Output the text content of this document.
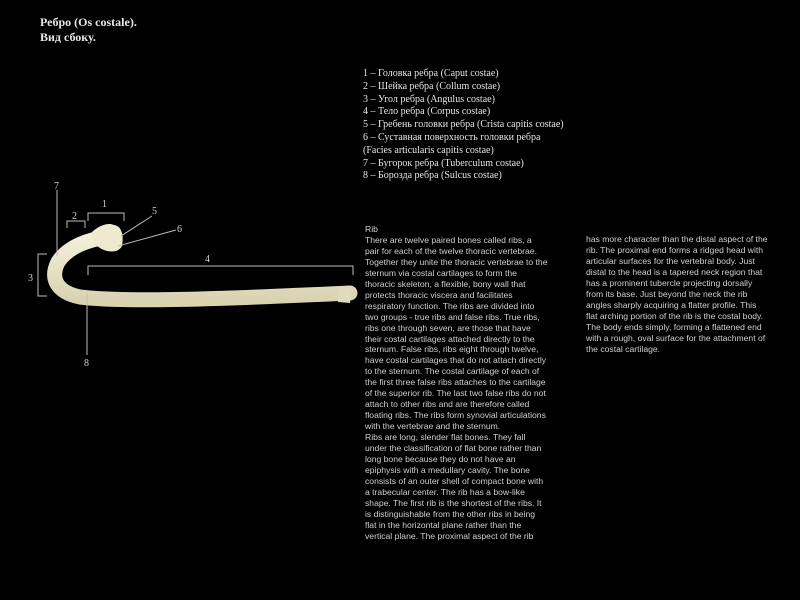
Ребро (Os costale).
Вид сбоку.
1 – Головка ребра (Caput costae)
2 – Шейка ребра (Collum costae)
3 – Угол ребра (Angulus costae)
4 – Тело ребра (Corpus costae)
5 – Гребень головки ребра (Crista capitis costae)
6 – Суставная поверхность головки ребра
(Facies articularis capitis costae)
7 – Бугорок ребра (Tuberculum costae)
8 – Борозда ребра (Sulcus costae)
7
2
1
5
6
4
3
8
Rib
There are twelve paired bones called ribs, a
pair for each of the twelve thoracic vertebrae.
Together they unite the thoracic vertebrae to the
sternum via costal cartilages to form the
thoracic skeleton, a flexible, bony wall that
protects thoracic viscera and facilitates
respiratory function. The ribs are divided into
two groups - true ribs and false ribs. True ribs,
ribs one through seven, are those that have
their costal cartilages attached directly to the
sternum. False ribs, ribs eight through twelve,
have costal cartilages that do not attach directly
to the sternum. The costal cartilage of each of
the first three false ribs attaches to the cartilage
of the superior rib. The last two false ribs do not
attach to other ribs and are therefore called
floating ribs. The ribs form synovial articulations
with the vertebrae and the sternum.
Ribs are long, slender flat bones. They fall
under the classification of flat bone rather than
long bone because they do not have an
epiphysis with a medullary cavity. The bone
consists of an outer shell of compact bone with
a trabecular center. The rib has a bow-like
shape. The first rib is the shortest of the ribs. It
is distinguishable from the other ribs in being
flat in the horizontal plane rather than the
vertical plane. The proximal aspect of the rib
has more character than the distal aspect of the
rib. The proximal end forms a ridged head with
articular surfaces for the vertebral body. Just
distal to the head is a tapered neck region that
has a prominent tubercle projecting dorsally
from its base. Just beyond the neck the rib
angles sharply acquiring a flatter profile. This
flat arching portion of the rib is the costal body.
The body ends simply, forming a flattened end
with a rough, oval surface for the attachment of
the costal cartilage.
